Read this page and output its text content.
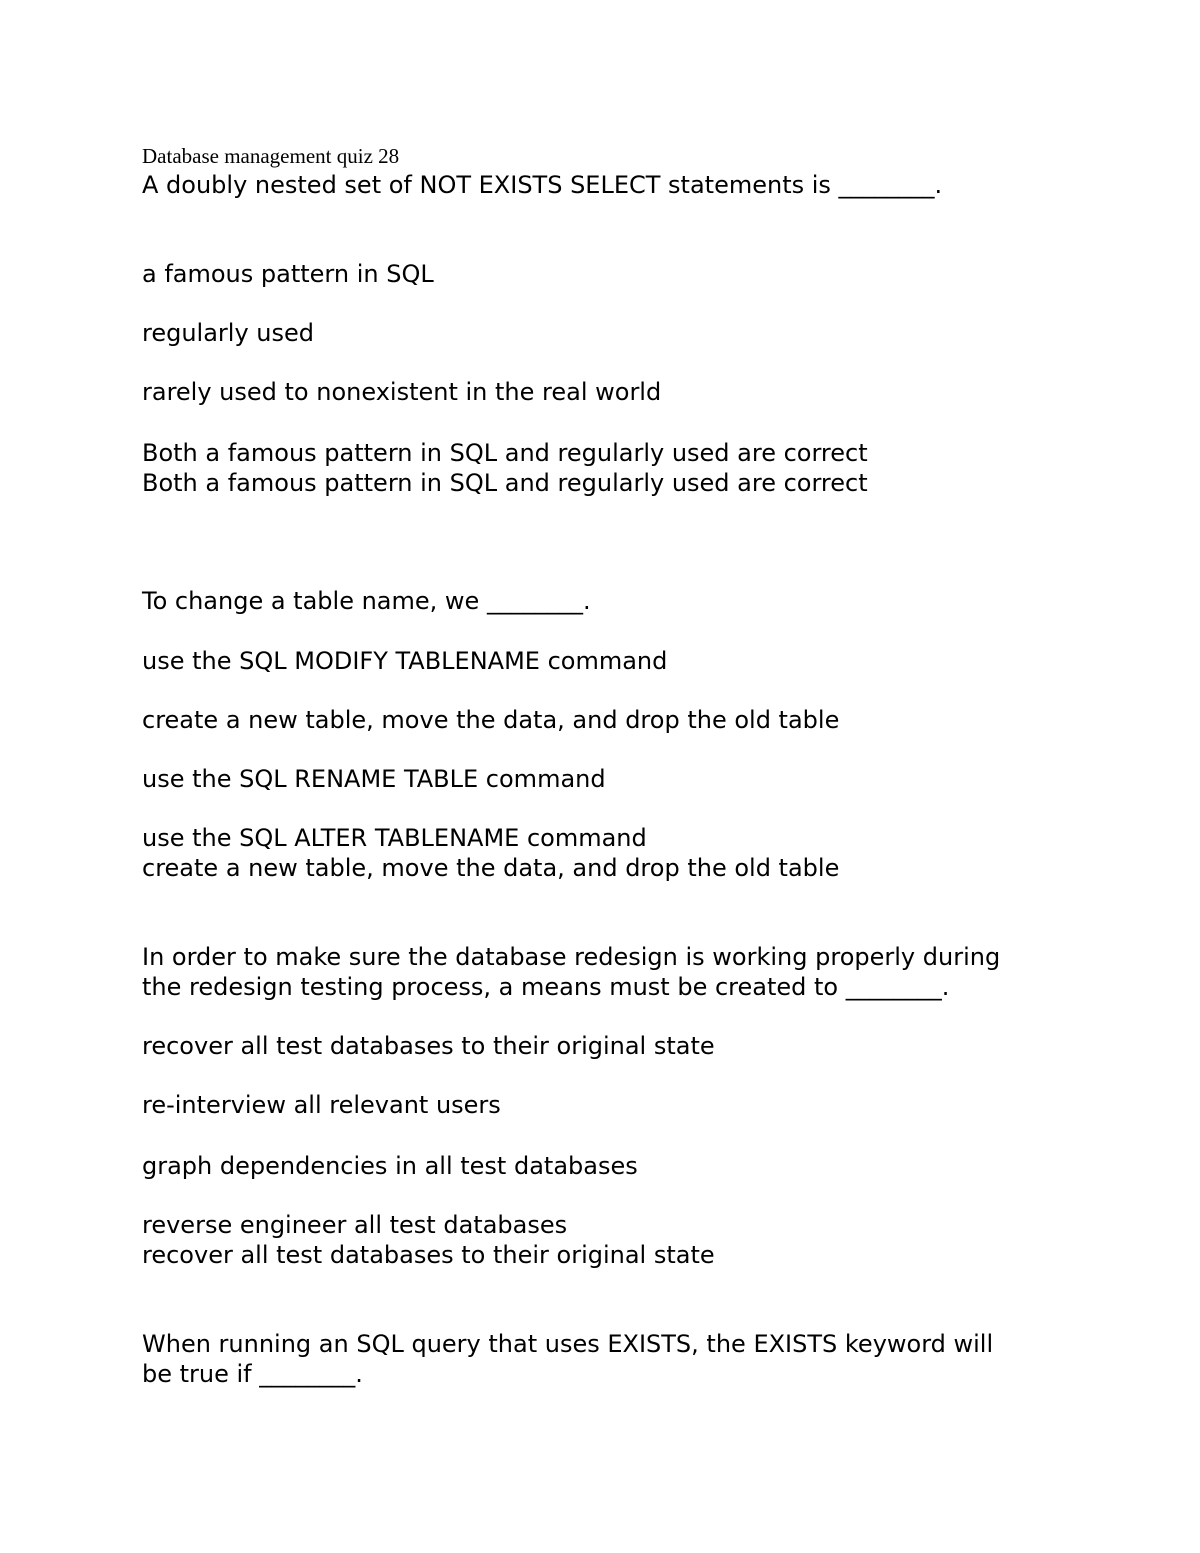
Database management quiz 28
A doubly nested set of NOT EXISTS SELECT statements is ________.
a famous pattern in SQL
regularly used
rarely used to nonexistent in the real world
Both a famous pattern in SQL and regularly used are correct
Both a famous pattern in SQL and regularly used are correct
To change a table name, we ________.
use the SQL MODIFY TABLENAME command
create a new table, move the data, and drop the old table
use the SQL RENAME TABLE command
use the SQL ALTER TABLENAME command
create a new table, move the data, and drop the old table
In order to make sure the database redesign is working properly during
the redesign testing process, a means must be created to ________.
recover all test databases to their original state
re-interview all relevant users
graph dependencies in all test databases
reverse engineer all test databases
recover all test databases to their original state
When running an SQL query that uses EXISTS, the EXISTS keyword will
be true if ________.
